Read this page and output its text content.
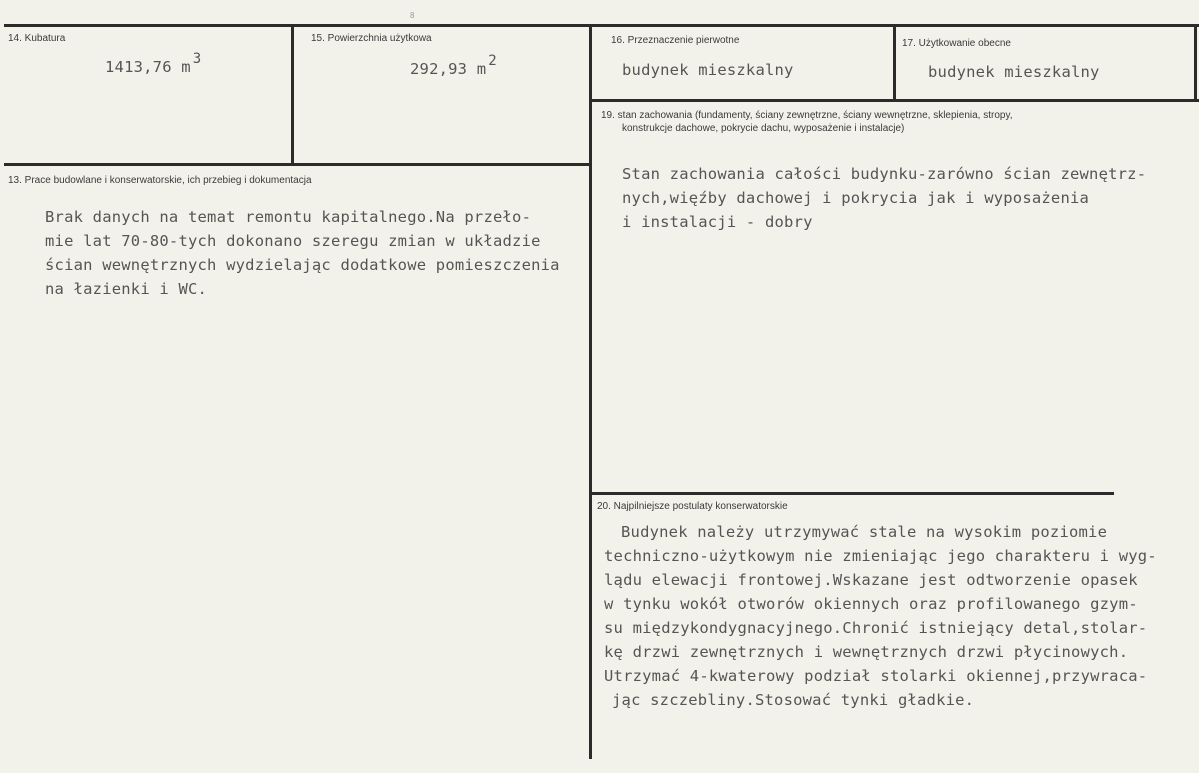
8
14. Kubatura
1413,76 m 3
15. Powierzchnia użytkowa
292,93 m 2
16. Przeznaczenie pierwotne
budynek mieszkalny
17. Użytkowanie obecne
budynek mieszkalny
19. stan zachowania (fundamenty, ściany zewnętrzne, ściany wewnętrzne, sklepienia, stropy,
konstrukcje dachowe, pokrycie dachu, wyposażenie i instalacje)
Stan zachowania całości budynku-zarówno ścian zewnętrz-
nych,więźby dachowej i pokrycia jak i wyposażenia
i instalacji - dobry
13. Prace budowlane i konserwatorskie, ich przebieg i dokumentacja
Brak danych na temat remontu kapitalnego.Na przeło-
mie lat 70-80-tych dokonano szeregu zmian w układzie
ścian wewnętrznych wydzielając dodatkowe pomieszczenia
na łazienki i WC.
20. Najpilniejsze postulaty konserwatorskie
Budynek należy utrzymywać stale na wysokim poziomie
techniczno-użytkowym nie zmieniając jego charakteru i wyg-
lądu elewacji frontowej.Wskazane jest odtworzenie opasek
w tynku wokół otworów okiennych oraz profilowanego gzym-
su międzykondygnacyjnego.Chronić istniejący detal,stolar-
kę drzwi zewnętrznych i wewnętrznych drzwi płycinowych.
Utrzymać 4-kwaterowy podział stolarki okiennej,przywraca-
jąc szczebliny.Stosować tynki gładkie.
